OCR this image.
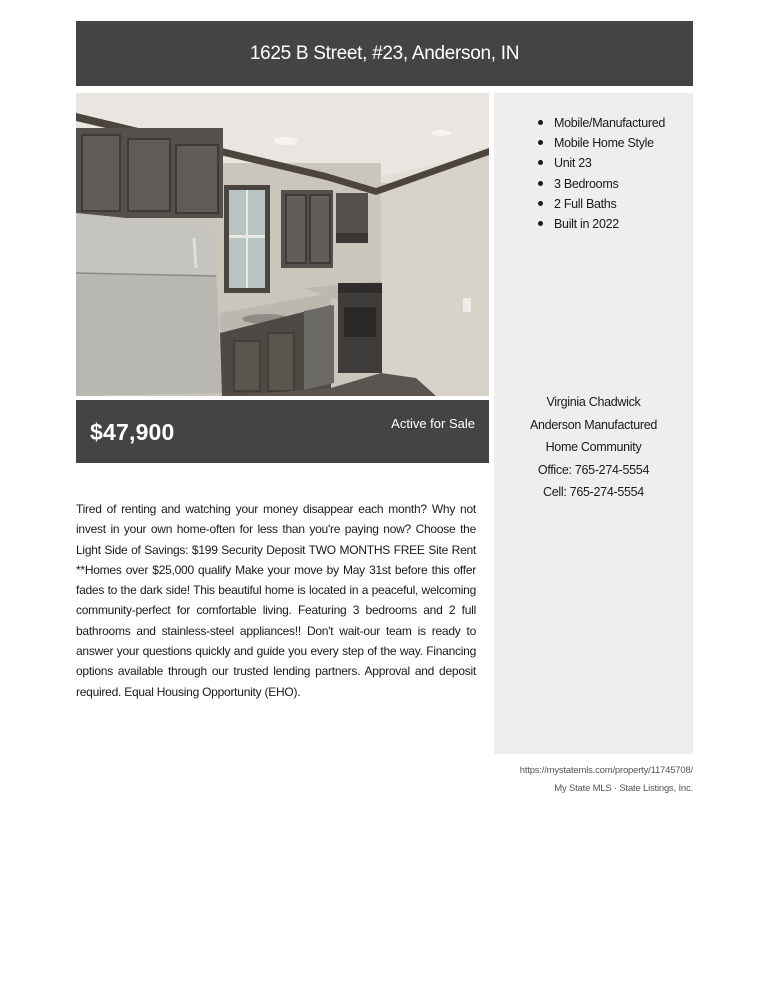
1625 B Street, #23, Anderson, IN
$47,900	Active for Sale
Mobile/Manufactured
Mobile Home Style
Unit 23
3 Bedrooms
2 Full Baths
Built in 2022
Virginia Chadwick
Anderson Manufactured
Home Community
Office: 765-274-5554
Cell: 765-274-5554

Tired of renting and watching your money disappear each month? Why not invest in your own home-often for less than you're paying now? Choose the Light Side of Savings: $199 Security Deposit TWO MONTHS FREE Site Rent **Homes over $25,000 qualify Make your move by May 31st before this offer fades to the dark side! This beautiful home is located in a peaceful, welcoming community-perfect for comfortable living. Featuring 3 bedrooms and 2 full bathrooms and stainless-steel appliances!! Don't wait-our team is ready to answer your questions quickly and guide you every step of the way. Financing options available through our trusted lending partners. Approval and deposit required. Equal Housing Opportunity (EHO).

https://mystatemls.com/property/11745708/
My State MLS · State Listings, Inc.
